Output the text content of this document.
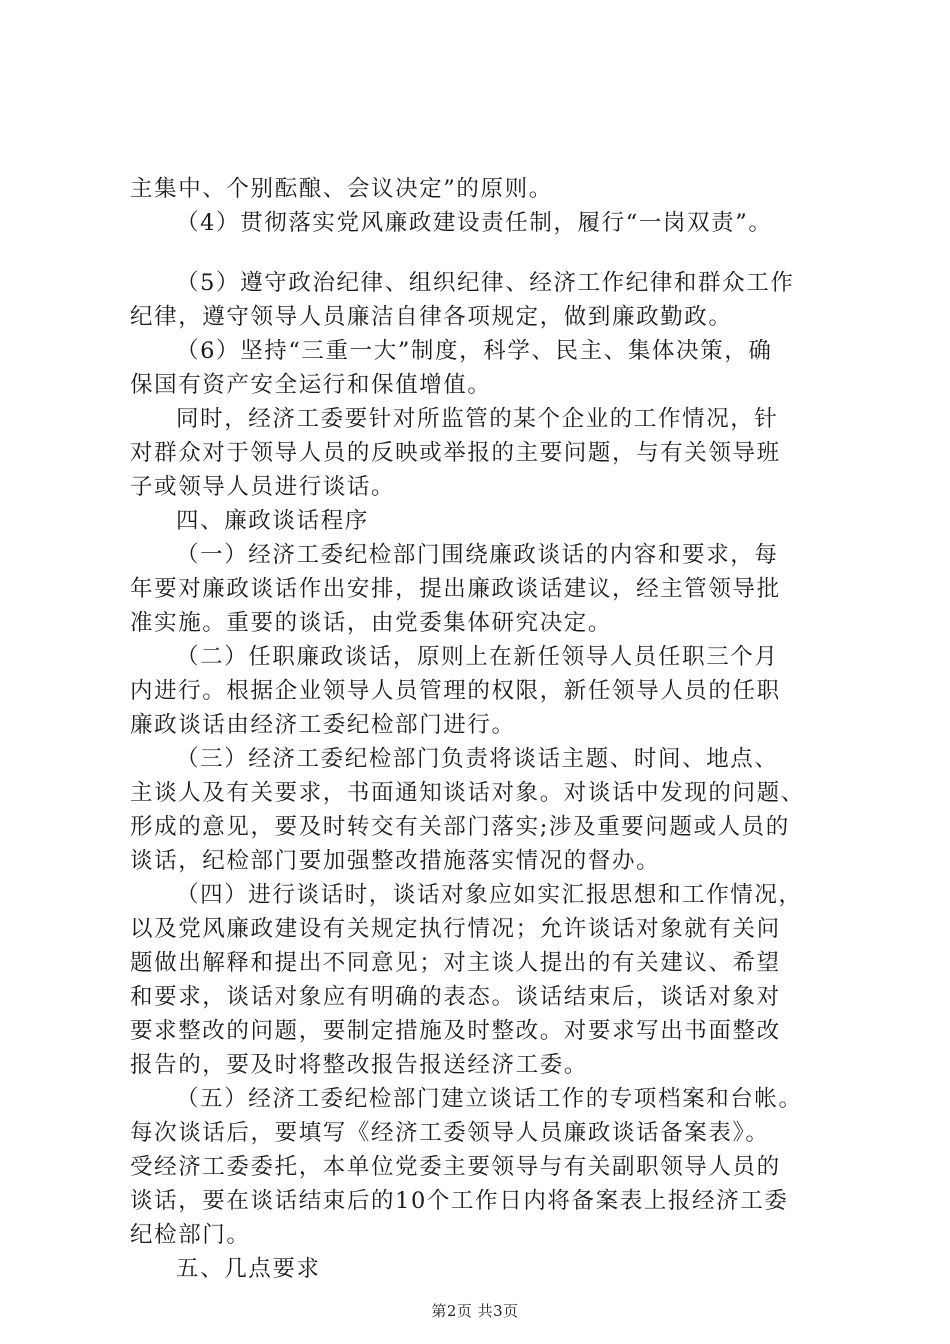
主集中、个别酝酿、会议决定”的原则。
（4）贯彻落实党风廉政建设责任制，履行“一岗双责”。
（5）遵守政治纪律、组织纪律、经济工作纪律和群众工作
纪律，遵守领导人员廉洁自律各项规定，做到廉政勤政。
（6）坚持“三重一大”制度，科学、民主、集体决策，确
保国有资产安全运行和保值增值。
同时，经济工委要针对所监管的某个企业的工作情况，针
对群众对于领导人员的反映或举报的主要问题，与有关领导班
子或领导人员进行谈话。
四、廉政谈话程序
（一）经济工委纪检部门围绕廉政谈话的内容和要求，每
年要对廉政谈话作出安排，提出廉政谈话建议，经主管领导批
准实施。重要的谈话，由党委集体研究决定。
（二）任职廉政谈话，原则上在新任领导人员任职三个月
内进行。根据企业领导人员管理的权限，新任领导人员的任职
廉政谈话由经济工委纪检部门进行。
（三）经济工委纪检部门负责将谈话主题、时间、地点、
主谈人及有关要求，书面通知谈话对象。对谈话中发现的问题、
形成的意见，要及时转交有关部门落实;涉及重要问题或人员的
谈话，纪检部门要加强整改措施落实情况的督办。
（四）进行谈话时，谈话对象应如实汇报思想和工作情况，
以及党风廉政建设有关规定执行情况；允许谈话对象就有关问
题做出解释和提出不同意见；对主谈人提出的有关建议、希望
和要求，谈话对象应有明确的表态。谈话结束后，谈话对象对
要求整改的问题，要制定措施及时整改。对要求写出书面整改
报告的，要及时将整改报告报送经济工委。
（五）经济工委纪检部门建立谈话工作的专项档案和台帐。
每次谈话后，要填写《经济工委领导人员廉政谈话备案表》。
受经济工委委托，本单位党委主要领导与有关副职领导人员的
谈话，要在谈话结束后的10个工作日内将备案表上报经济工委
纪检部门。
五、几点要求
第2页 共3页
